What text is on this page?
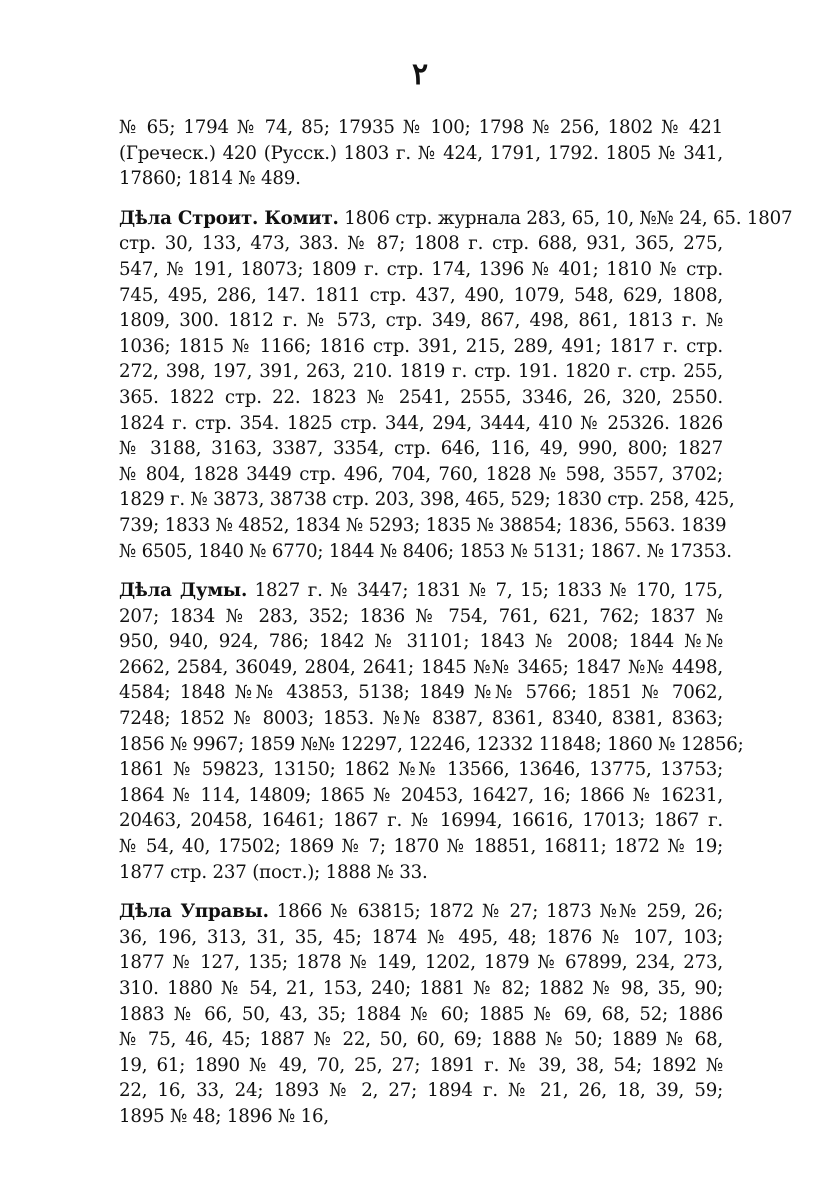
۲
№ 65; 1794 № 74, 85; 17935 № 100; 1798 № 256, 1802 № 421
(Греческ.) 420 (Русск.) 1803 г. № 424, 1791, 1792. 1805 № 341,
17860; 1814 № 489.
Дѣла Строит. Комит. 1806 стр. журнала 283, 65, 10, №№ 24, 65. 1807
стр. 30, 133, 473, 383. № 87; 1808 г. стр. 688, 931, 365, 275,
547, № 191, 18073; 1809 г. стр. 174, 1396 № 401; 1810 № стр.
745, 495, 286, 147. 1811 стр. 437, 490, 1079, 548, 629, 1808,
1809, 300. 1812 г. № 573, стр. 349, 867, 498, 861, 1813 г. №
1036; 1815 № 1166; 1816 стр. 391, 215, 289, 491; 1817 г. стр.
272, 398, 197, 391, 263, 210. 1819 г. стр. 191. 1820 г. стр. 255,
365. 1822 стр. 22. 1823 № 2541, 2555, 3346, 26, 320, 2550.
1824 г. стр. 354. 1825 стр. 344, 294, 3444, 410 № 25326. 1826
№ 3188, 3163, 3387, 3354, стр. 646, 116, 49, 990, 800; 1827
№ 804, 1828 3449 стр. 496, 704, 760, 1828 № 598, 3557, 3702;
1829 г. № 3873, 38738 стр. 203, 398, 465, 529; 1830 стр. 258, 425,
739; 1833 № 4852, 1834 № 5293; 1835 № 38854; 1836, 5563. 1839
№ 6505, 1840 № 6770; 1844 № 8406; 1853 № 5131; 1867. № 17353.
Дѣла Думы. 1827 г. № 3447; 1831 № 7, 15; 1833 № 170, 175,
207; 1834 № 283, 352; 1836 № 754, 761, 621, 762; 1837 №
950, 940, 924, 786; 1842 № 31101; 1843 № 2008; 1844 №№
2662, 2584, 36049, 2804, 2641; 1845 №№ 3465; 1847 №№ 4498,
4584; 1848 №№ 43853, 5138; 1849 №№ 5766; 1851 № 7062,
7248; 1852 № 8003; 1853. №№ 8387, 8361, 8340, 8381, 8363;
1856 № 9967; 1859 №№ 12297, 12246, 12332 11848; 1860 № 12856;
1861 № 59823, 13150; 1862 №№ 13566, 13646, 13775, 13753;
1864 № 114, 14809; 1865 № 20453, 16427, 16; 1866 № 16231,
20463, 20458, 16461; 1867 г. № 16994, 16616, 17013; 1867 г.
№ 54, 40, 17502; 1869 № 7; 1870 № 18851, 16811; 1872 № 19;
1877 стр. 237 (пост.); 1888 № 33.
Дѣла Управы. 1866 № 63815; 1872 № 27; 1873 №№ 259, 26;
36, 196, 313, 31, 35, 45; 1874 № 495, 48; 1876 № 107, 103;
1877 № 127, 135; 1878 № 149, 1202, 1879 № 67899, 234, 273,
310. 1880 № 54, 21, 153, 240; 1881 № 82; 1882 № 98, 35, 90;
1883 № 66, 50, 43, 35; 1884 № 60; 1885 № 69, 68, 52; 1886
№ 75, 46, 45; 1887 № 22, 50, 60, 69; 1888 № 50; 1889 № 68,
19, 61; 1890 № 49, 70, 25, 27; 1891 г. № 39, 38, 54; 1892 №
22, 16, 33, 24; 1893 № 2, 27; 1894 г. № 21, 26, 18, 39, 59;
1895 № 48; 1896 № 16,
